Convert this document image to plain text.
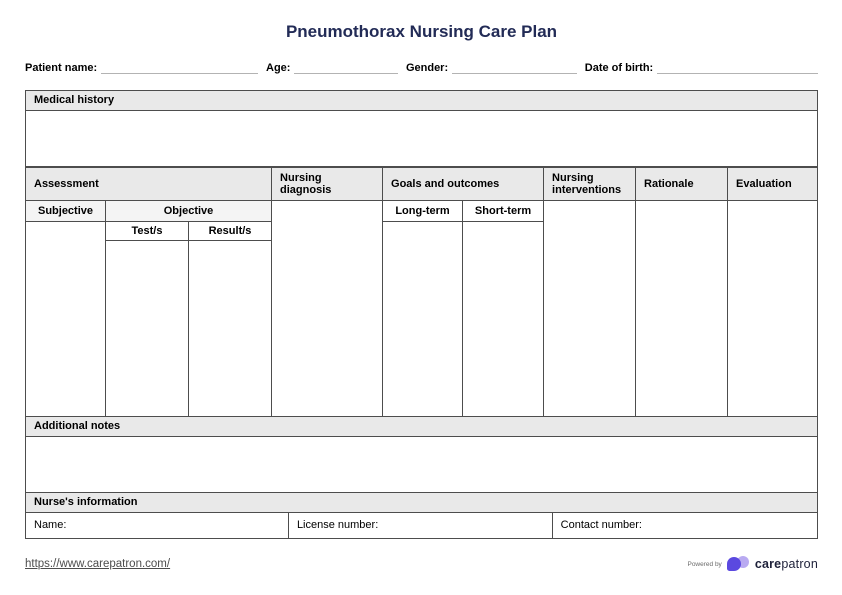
Pneumothorax Nursing Care Plan
Patient name:	Age:	Gender:	Date of birth:
Medical history
Assessment			Nursing diagnosis	Goals and outcomes		Nursing interventions	Rationale	Evaluation
Subjective	Objective			Long-term	Short-term			
	Test/s	Result/s						

Additional notes
Nurse's information
Name:	License number:	Contact number:
https://www.carepatron.com/	Powered by	carepatron
